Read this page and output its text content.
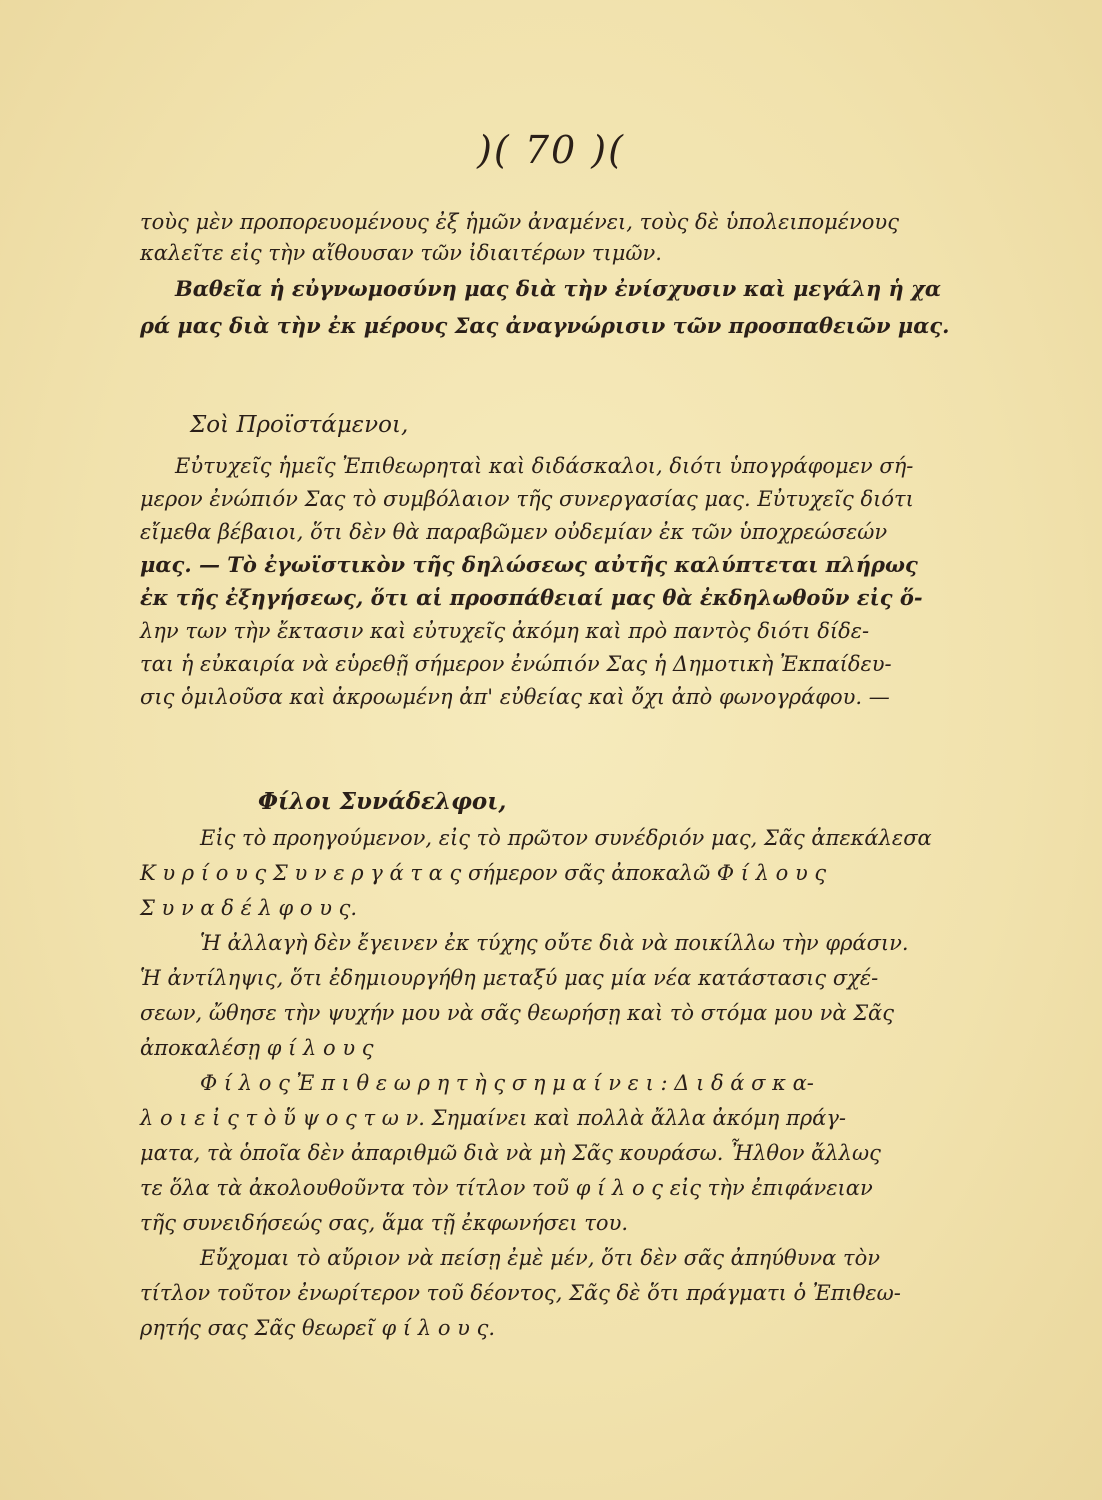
)( 70 )(
τοὺς μὲν προπορευομένους ἐξ ἡμῶν ἀναμένει, τοὺς δὲ ὑπολειπομένους
καλεῖτε εἰς τὴν αἴθουσαν τῶν ἰδιαιτέρων τιμῶν.
Βαθεῖα ἡ εὐγνωμοσύνη μας διὰ τὴν ἐνίσχυσιν καὶ μεγάλη ἡ χα
ρά μας διὰ τὴν ἐκ μέρους Σας ἀναγνώρισιν τῶν προσπαθειῶν μας.
Σοὶ Προϊστάμενοι,
Εὐτυχεῖς ἡμεῖς Ἐπιθεωρηταὶ καὶ διδάσκαλοι, διότι ὑπογράφομεν σή-
μερον ἐνώπιόν Σας τὸ συμβόλαιον τῆς συνεργασίας μας. Εὐτυχεῖς διότι
εἴμεθα βέβαιοι, ὅτι δὲν θὰ παραβῶμεν οὐδεμίαν ἐκ τῶν ὑποχρεώσεών
μας. — Τὸ ἐγωϊστικὸν τῆς δηλώσεως αὐτῆς καλύπτεται πλήρως
ἐκ τῆς ἐξηγήσεως, ὅτι αἱ προσπάθειαί μας θὰ ἐκδηλωθοῦν εἰς ὅ-
λην των τὴν ἔκτασιν καὶ εὐτυχεῖς ἀκόμη καὶ πρὸ παντὸς διότι δίδε-
ται ἡ εὐκαιρία νὰ εὑρεθῇ σήμερον ἐνώπιόν Σας ἡ Δημοτικὴ Ἐκπαίδευ-
σις ὁμιλοῦσα καὶ ἀκροωμένη ἀπ' εὐθείας καὶ ὄχι ἀπὸ φωνογράφου. —
Φίλοι Συνάδελφοι,
Εἰς τὸ προηγούμενον, εἰς τὸ πρῶτον συνέδριόν μας, Σᾶς ἀπεκάλεσα
Κ υ ρ ί ο υ ς Σ υ ν ε ρ γ ά τ α ς σήμερον σᾶς ἀποκαλῶ Φ ί λ ο υ ς
Σ υ ν α δ έ λ φ ο υ ς.
Ἡ ἀλλαγὴ δὲν ἔγεινεν ἐκ τύχης οὔτε διὰ νὰ ποικίλλω τὴν φράσιν.
Ἡ ἀντίληψις, ὅτι ἐδημιουργήθη μεταξύ μας μία νέα κατάστασις σχέ-
σεων, ὤθησε τὴν ψυχήν μου νὰ σᾶς θεωρήσῃ καὶ τὸ στόμα μου νὰ Σᾶς
ἀποκαλέσῃ φ ί λ ο υ ς
Φ ί λ ο ς Ἐ π ι θ ε ω ρ η τ ὴ ς σ η μ α ί ν ε ι : Δ ι δ ά σ κ α-
λ ο ι ε ἰ ς τ ὸ ὕ ψ ο ς τ ω ν. Σημαίνει καὶ πολλὰ ἄλλα ἀκόμη πράγ-
ματα, τὰ ὁποῖα δὲν ἀπαριθμῶ διὰ νὰ μὴ Σᾶς κουράσω. Ἦλθον ἄλλως
τε ὅλα τὰ ἀκολουθοῦντα τὸν τίτλον τοῦ φ ί λ ο ς εἰς τὴν ἐπιφάνειαν
τῆς συνειδήσεώς σας, ἅμα τῇ ἐκφωνήσει του.
Εὔχομαι τὸ αὔριον νὰ πείσῃ ἐμὲ μέν, ὅτι δὲν σᾶς ἀπηύθυνα τὸν
τίτλον τοῦτον ἐνωρίτερον τοῦ δέοντος, Σᾶς δὲ ὅτι πράγματι ὁ Ἐπιθεω-
ρητής σας Σᾶς θεωρεῖ φ ί λ ο υ ς.
